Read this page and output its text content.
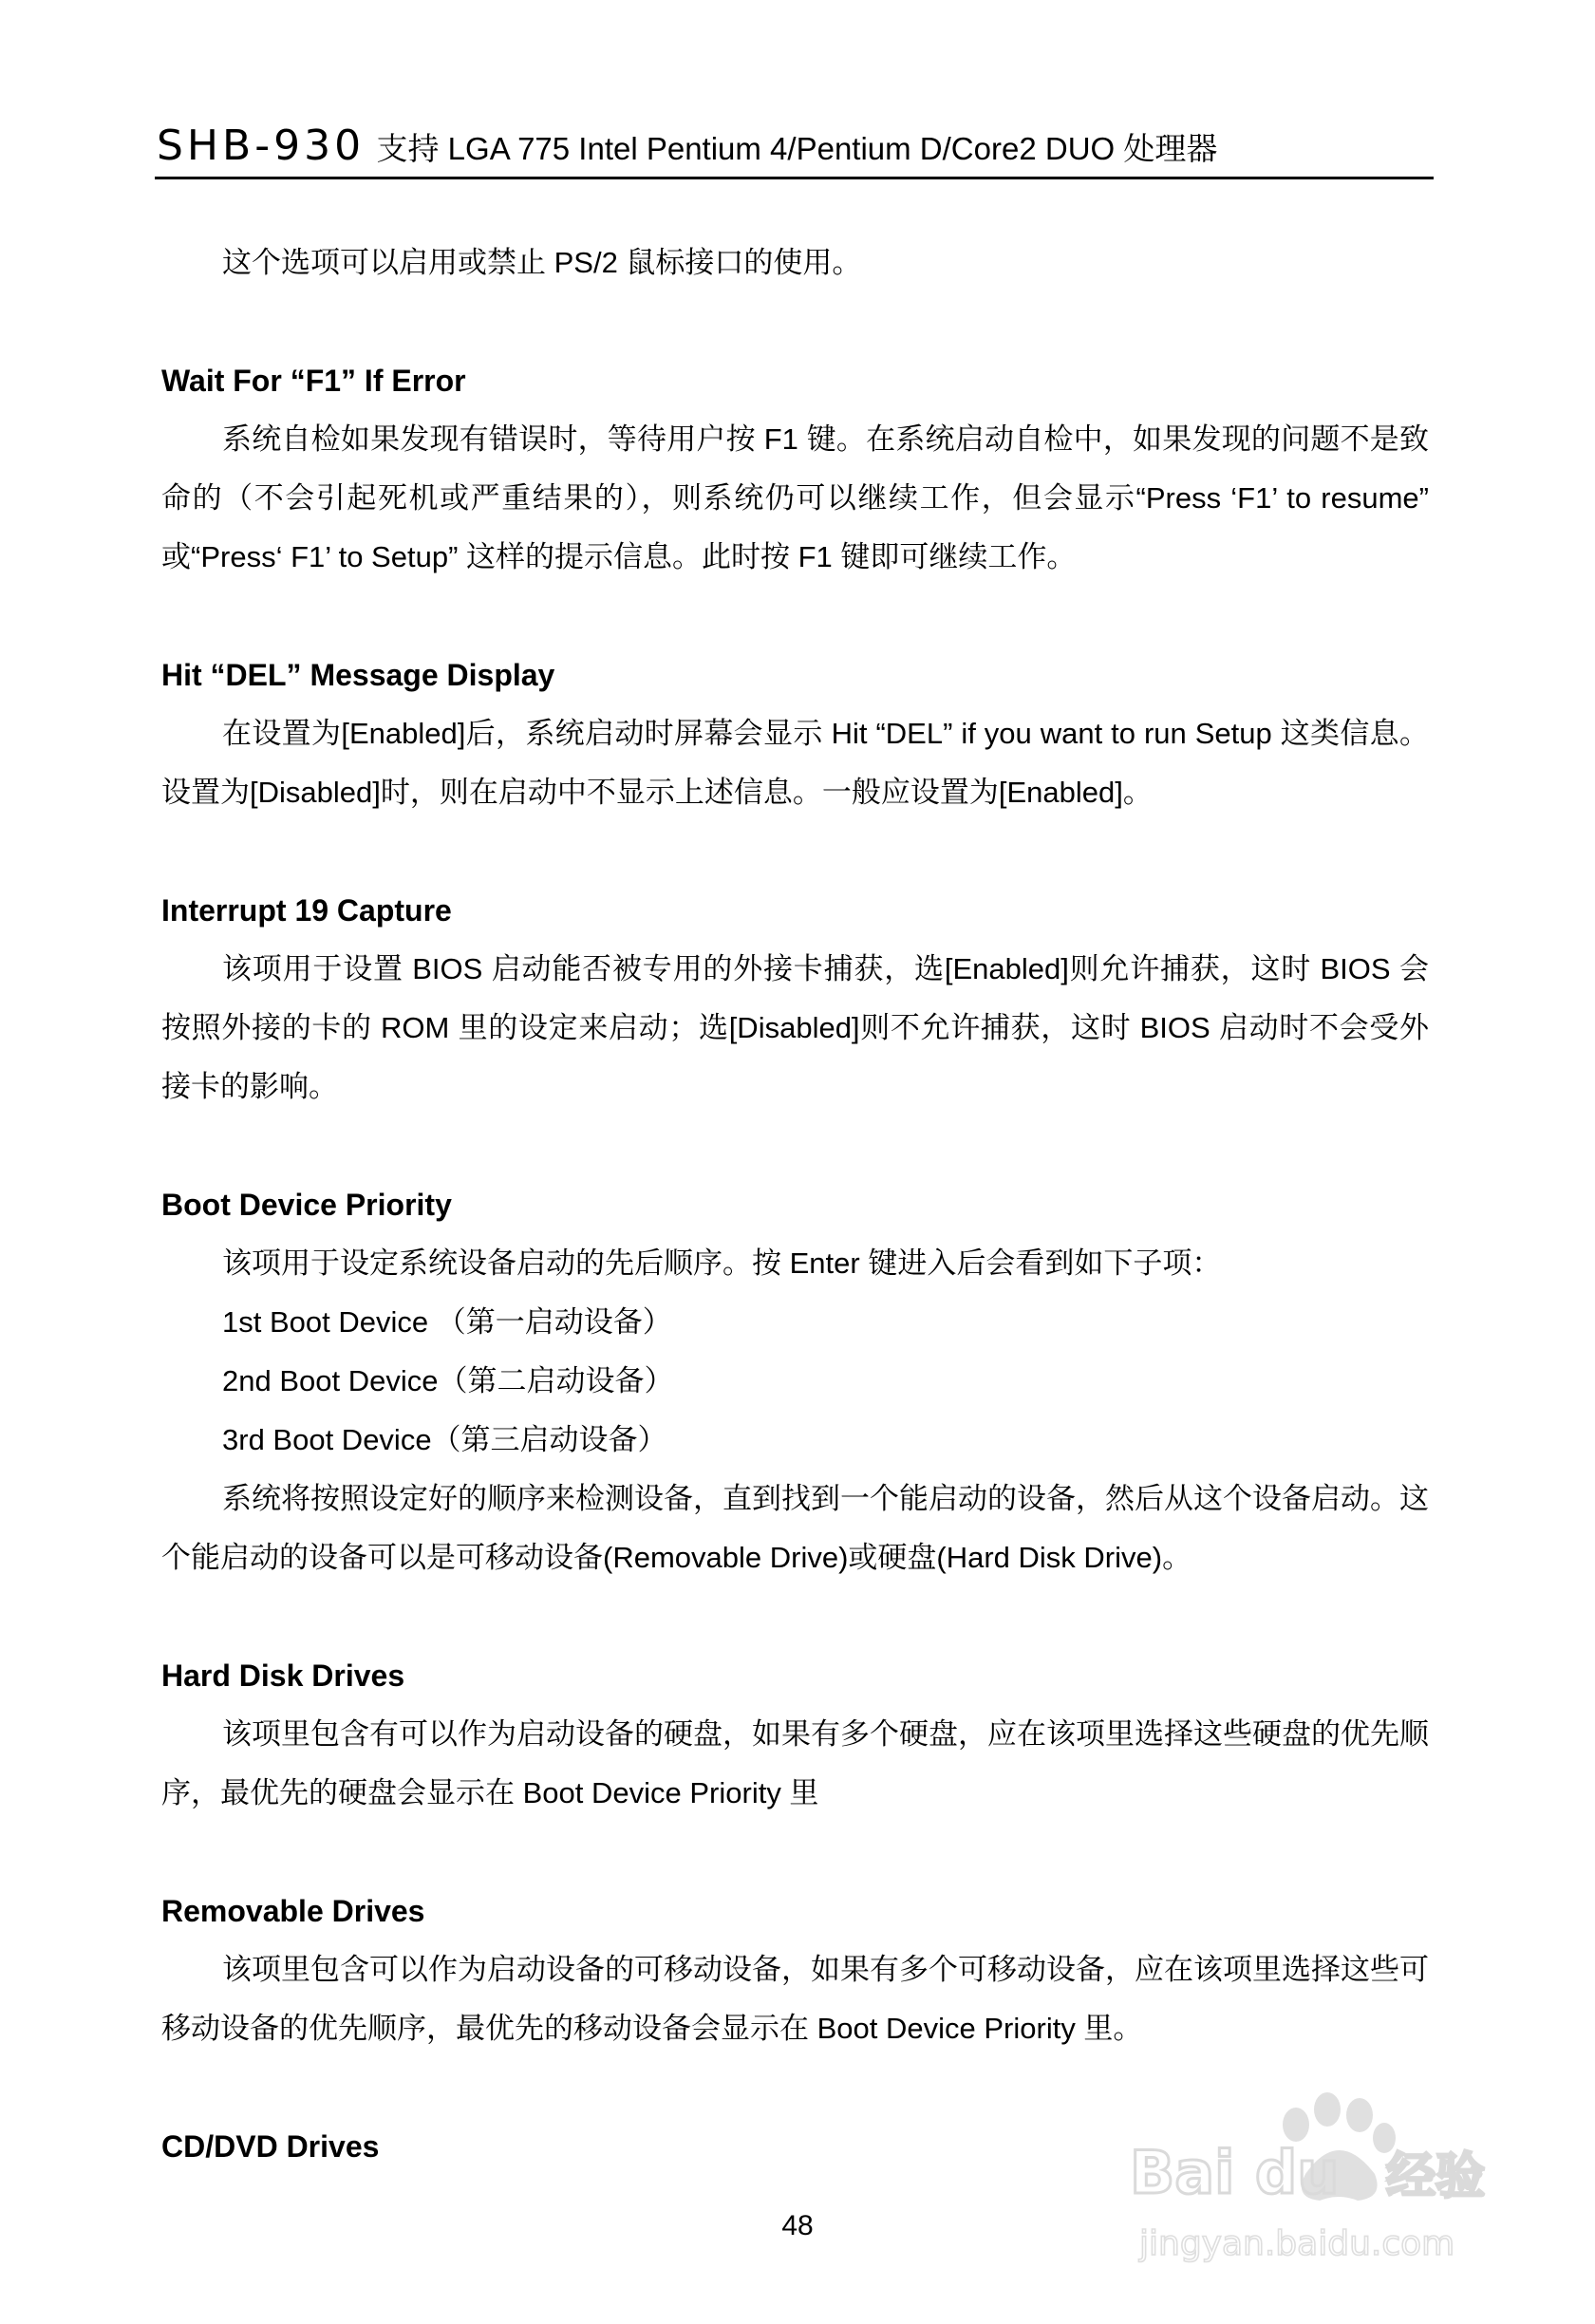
SHB-930 支持 LGA 775 Intel Pentium 4/Pentium D/Core2 DUO 处理器

这个选项可以启用或禁止 PS/2 鼠标接口的使用。

Wait For “F1” If Error

系统自检如果发现有错误时，等待用户按 F1 键。在系统启动自检中，如果发现的问题不是致命的（不会引起死机或严重结果的），则系统仍可以继续工作，但会显示“Press ‘F1’ to resume” 或“Press‘ F1’ to Setup” 这样的提示信息。此时按 F1 键即可继续工作。

Hit “DEL” Message Display

在设置为[Enabled]后，系统启动时屏幕会显示 Hit “DEL” if you want to run Setup 这类信息。设置为[Disabled]时，则在启动中不显示上述信息。一般应设置为[Enabled]。

Interrupt 19 Capture

该项用于设置 BIOS 启动能否被专用的外接卡捕获，选[Enabled]则允许捕获，这时 BIOS 会按照外接的卡的 ROM 里的设定来启动；选[Disabled]则不允许捕获，这时 BIOS 启动时不会受外接卡的影响。

Boot Device Priority

该项用于设定系统设备启动的先后顺序。按 Enter 键进入后会看到如下子项：

1st Boot Device （第一启动设备）

2nd Boot Device（第二启动设备）

3rd Boot Device（第三启动设备）

系统将按照设定好的顺序来检测设备，直到找到一个能启动的设备，然后从这个设备启动。这个能启动的设备可以是可移动设备(Removable Drive)或硬盘(Hard Disk Drive)。

Hard Disk Drives

该项里包含有可以作为启动设备的硬盘，如果有多个硬盘，应在该项里选择这些硬盘的优先顺序，最优先的硬盘会显示在 Boot Device Priority 里

Removable Drives

该项里包含可以作为启动设备的可移动设备，如果有多个可移动设备，应在该项里选择这些可移动设备的优先顺序，最优先的移动设备会显示在 Boot Device Priority 里。

CD/DVD Drives

48
Bai du 经验
jingyan.baidu.com
